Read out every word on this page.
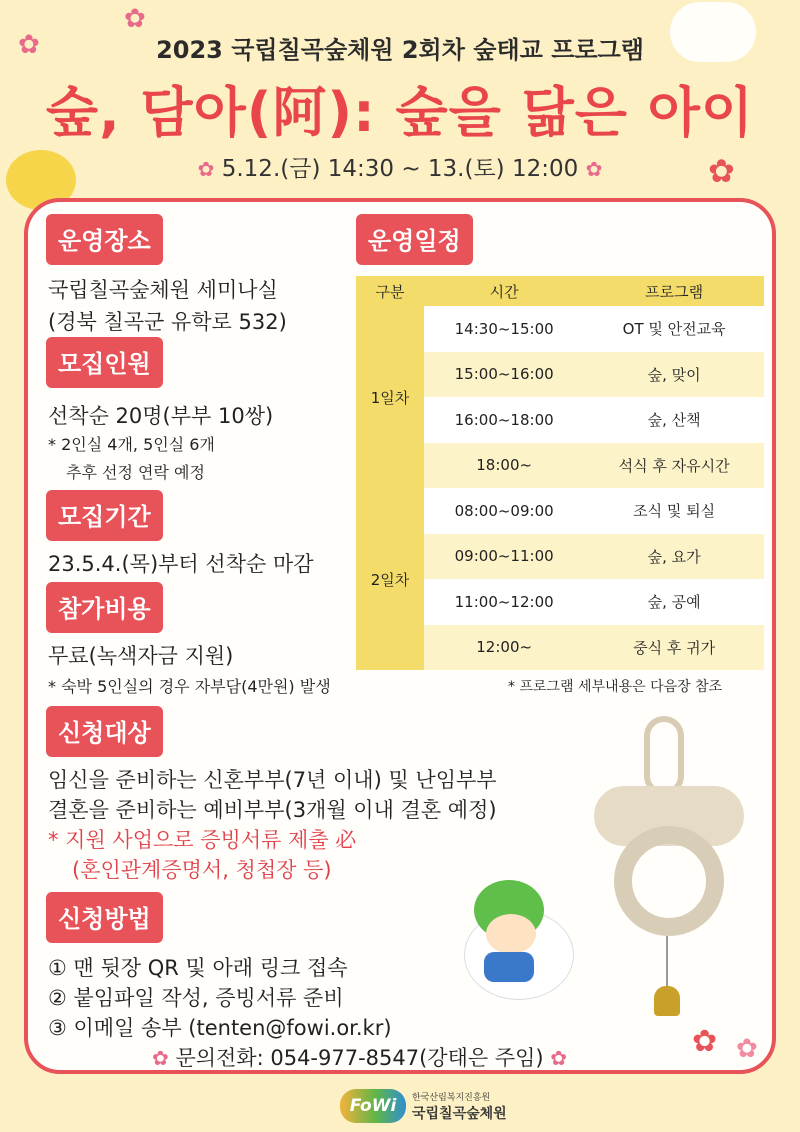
✿
✿
✿
2023 국립칠곡숲체원 2회차 숲태교 프로그램
숲, 담아(阿): 숲을 닮은 아이
✿ 5.12.(금) 14:30 ~ 13.(토) 12:00 ✿
운영장소
국립칠곡숲체원 세미나실
(경북 칠곡군 유학로 532)
모집인원
선착순 20명(부부 10쌍)
* 2인실 4개, 5인실 6개
추후 선정 연락 예정
모집기간
23.5.4.(목)부터 선착순 마감
참가비용
무료(녹색자금 지원)
* 숙박 5인실의 경우 자부담(4만원) 발생
운영일정
구분	시간	프로그램
1일차	14:30~15:00	OT 및 안전교육
	15:00~16:00	숲, 맞이
	16:00~18:00	숲, 산책
	18:00~	석식 후 자유시간
2일차	08:00~09:00	조식 및 퇴실
	09:00~11:00	숲, 요가
	11:00~12:00	숲, 공예
	12:00~	중식 후 귀가
* 프로그램 세부내용은 다음장 참조
신청대상
임신을 준비하는 신혼부부(7년 이내) 및 난임부부
결혼을 준비하는 예비부부(3개월 이내 결혼 예정)
* 지원 사업으로 증빙서류 제출 必
(혼인관계증명서, 청첩장 등)
신청방법
① 맨 뒷장 QR 및 아래 링크 접속
② 붙임파일 작성, 증빙서류 준비
③ 이메일 송부 (tenten@fowi.or.kr)
✿ 문의전화: 054-977-8547(강태은 주임) ✿	✿ ✿
FoWi	한국산림복지진흥원
국립칠곡숲체원
